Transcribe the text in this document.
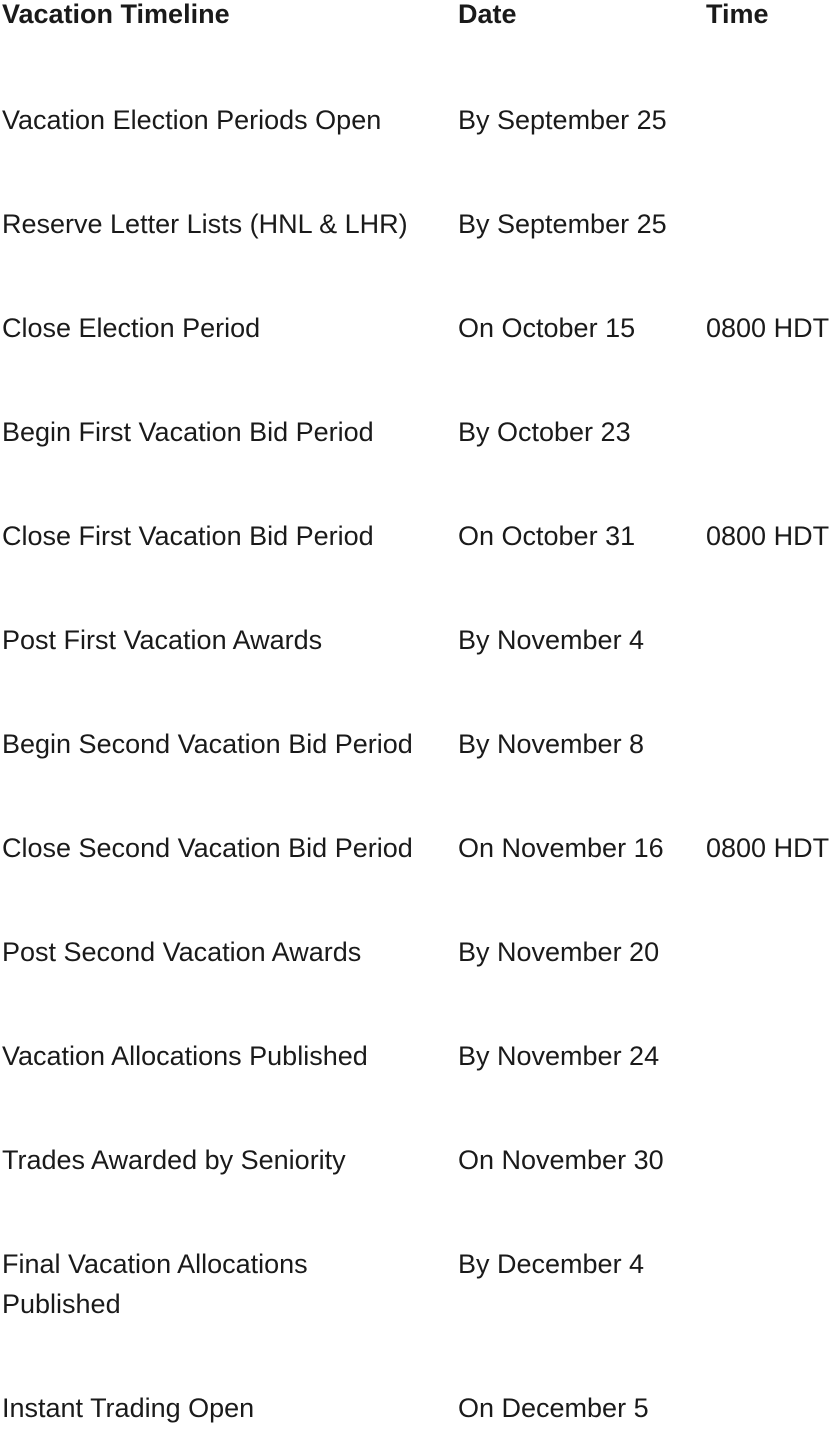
Vacation Timeline	Date	Time
Vacation Election Periods Open	By September 25	
Reserve Letter Lists (HNL & LHR)	By September 25	
Close Election Period	On October 15	0800 HDT
Begin First Vacation Bid Period	By October 23	
Close First Vacation Bid Period	On October 31	0800 HDT
Post First Vacation Awards	By November 4	
Begin Second Vacation Bid Period	By November 8	
Close Second Vacation Bid Period	On November 16	0800 HDT
Post Second Vacation Awards	By November 20	
Vacation Allocations Published	By November 24	
Trades Awarded by Seniority	On November 30	
Final Vacation Allocations Published	By December 4	
Instant Trading Open	On December 5	
